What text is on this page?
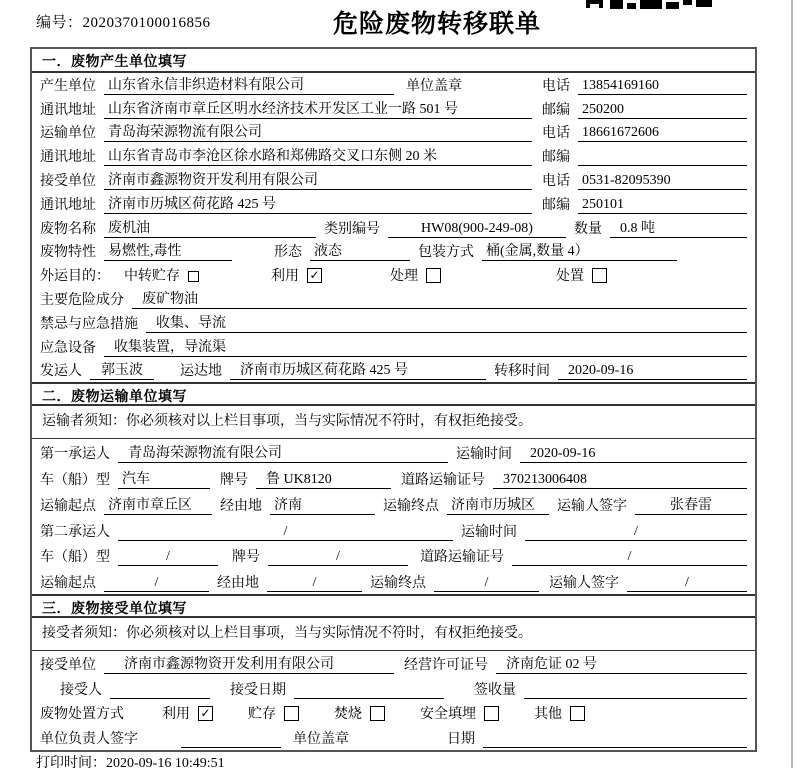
编号：2020370100016856	危险废物转移联单
一．废物产生单位填写
产生单位 山东省永信非织造材料有限公司	单位盖章	电话 13854169160
通讯地址 山东省济南市章丘区明水经济技术开发区工业一路 501 号	邮编 250200
运输单位 青岛海荣源物流有限公司	电话 18661672606
通讯地址 山东省青岛市李沧区徐水路和郑佛路交叉口东侧 20 米	邮编
接受单位 济南市鑫源物资开发利用有限公司	电话 0531-82095390
通讯地址 济南市历城区荷花路 425 号	邮编 250101
废物名称 废机油	类别编号	HW08(900-249-08)	数量	0.8 吨
废物特性 易燃性,毒性	形态 液态	包装方式 桶(金属,数量 4）
外运目的： 中转贮存	利用 ✓	处理	处置
主要危险成分	废矿物油
禁忌与应急措施	收集、导流
应急设备	收集装置，导流渠
发运人	郭玉波	运达地	济南市历城区荷花路 425 号	转移时间	2020-09-16
二．废物运输单位填写
运输者须知：你必须核对以上栏目事项，当与实际情况不符时，有权拒绝接受。
第一承运人	青岛海荣源物流有限公司	运输时间	2020-09-16
车（船）型 汽车	牌号	鲁 UK8120	道路运输证号	370213006408
运输起点 济南市章丘区	经由地 济南	运输终点 济南市历城区	运输人签字	张春雷
第二承运人	/	运输时间	/
车（船）型	/	牌号	/	道路运输证号	/
运输起点	/	经由地	/	运输终点	/	运输人签字	/
三．废物接受单位填写
接受者须知：你必须核对以上栏目事项，当与实际情况不符时，有权拒绝接受。
接受单位	济南市鑫源物资开发利用有限公司	经营许可证号	济南危证 02 号
接受人	接受日期	签收量
废物处置方式	利用 ✓	贮存	焚烧	安全填埋	其他
单位负责人签字	单位盖章	日期
打印时间：2020-09-16 10:49:51
